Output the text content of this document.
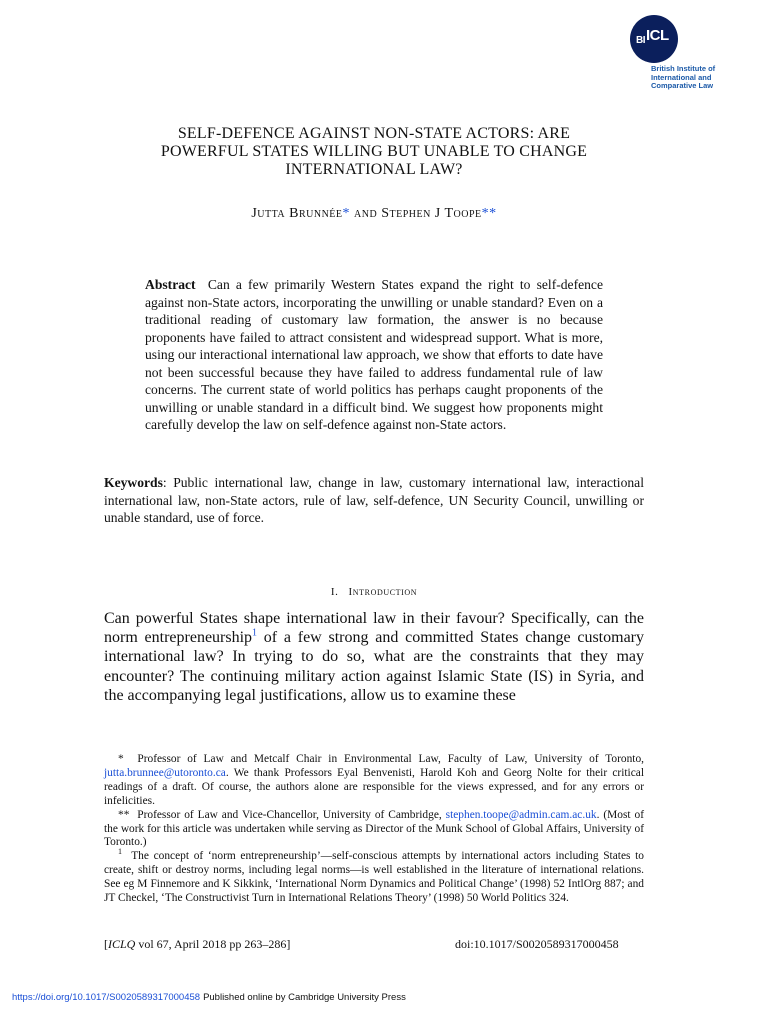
$_{BI}$ICL
British Institute of
International and
Comparative Law
SELF-DEFENCE AGAINST NON-STATE ACTORS: ARE
POWERFUL STATES WILLING BUT UNABLE TO CHANGE
INTERNATIONAL LAW?
Jutta Brunnée* and Stephen J Toope**
Abstract Can a few primarily Western States expand the right to self-defence against non-State actors, incorporating the unwilling or unable standard? Even on a traditional reading of customary law formation, the answer is no because proponents have failed to attract consistent and widespread support. What is more, using our interactional international law approach, we show that efforts to date have not been successful because they have failed to address fundamental rule of law concerns. The current state of world politics has perhaps caught proponents of the unwilling or unable standard in a difficult bind. We suggest how proponents might carefully develop the law on self-defence against non-State actors.
Keywords: Public international law, change in law, customary international law, interactional international law, non-State actors, rule of law, self-defence, UN Security Council, unwilling or unable standard, use of force.
I. Introduction
Can powerful States shape international law in their favour? Specifically, can the norm entrepreneurship$^1$ of a few strong and committed States change customary international law? In trying to do so, what are the constraints that they may encounter? The continuing military action against Islamic State (IS) in Syria, and the accompanying legal justifications, allow us to examine these

* Professor of Law and Metcalf Chair in Environmental Law, Faculty of Law, University of Toronto, jutta.brunnee@utoronto.ca. We thank Professors Eyal Benvenisti, Harold Koh and Georg Nolte for their critical readings of a draft. Of course, the authors alone are responsible for the views expressed, and for any errors or infelicities.

** Professor of Law and Vice-Chancellor, University of Cambridge, stephen.toope@admin.cam.ac.uk. (Most of the work for this article was undertaken while serving as Director of the Munk School of Global Affairs, University of Toronto.)

$^1$ The concept of ‘norm entrepreneurship’—self-conscious attempts by international actors including States to create, shift or destroy norms, including legal norms—is well established in the literature of international relations. See eg M Finnemore and K Sikkink, ‘International Norm Dynamics and Political Change’ (1998) 52 IntlOrg 887; and JT Checkel, ‘The Constructivist Turn in International Relations Theory’ (1998) 50 World Politics 324.

[ICLQ vol 67, April 2018 pp 263–286]	doi:10.1017/S0020589317000458
https://doi.org/10.1017/S0020589317000458 Published online by Cambridge University Press
